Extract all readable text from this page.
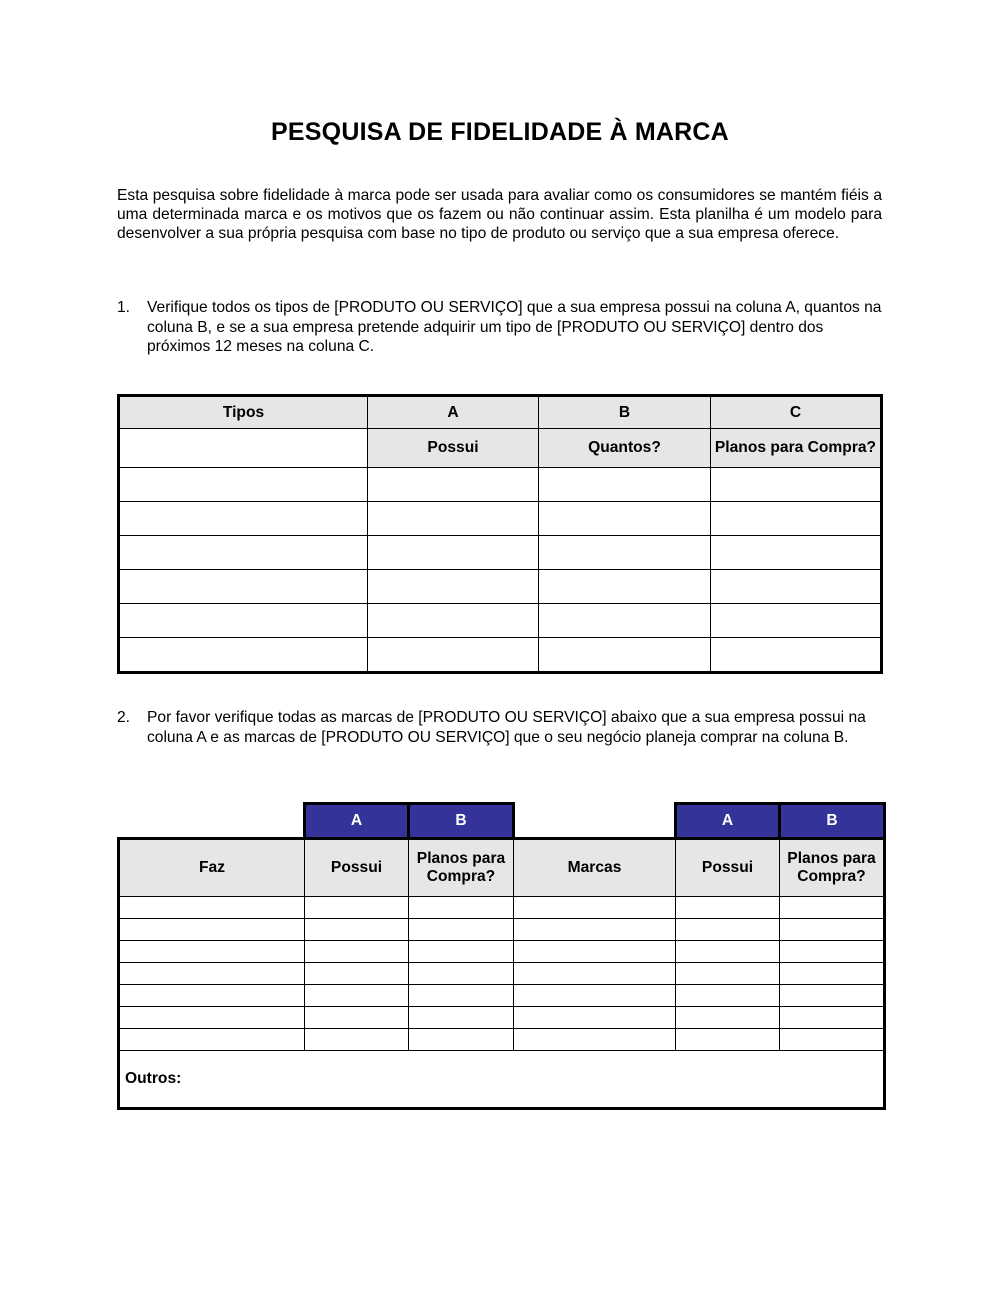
PESQUISA DE FIDELIDADE À MARCA

Esta pesquisa sobre fidelidade à marca pode ser usada para avaliar como os consumidores se mantém fiéis a uma determinada marca e os motivos que os fazem ou não continuar assim. Esta planilha é um modelo para desenvolver a sua própria pesquisa com base no tipo de produto ou serviço que a sua empresa oferece.

1. Verifique todos os tipos de [PRODUTO OU SERVIÇO] que a sua empresa possui na coluna A, quantos na coluna B, e se a sua empresa pretende adquirir um tipo de [PRODUTO OU SERVIÇO] dentro dos próximos 12 meses na coluna C.
Tipos	A	B	C
	Possui	Quantos?	Planos para Compra?

2. Por favor verifique todas as marcas de [PRODUTO OU SERVIÇO] abaixo que a sua empresa possui na coluna A e as marcas de [PRODUTO OU SERVIÇO] que o seu negócio planeja comprar na coluna B.
	A	B		A	B
Faz	Possui	Planos para Compra?	Marcas	Possui	Planos para Compra?

Outros:					
